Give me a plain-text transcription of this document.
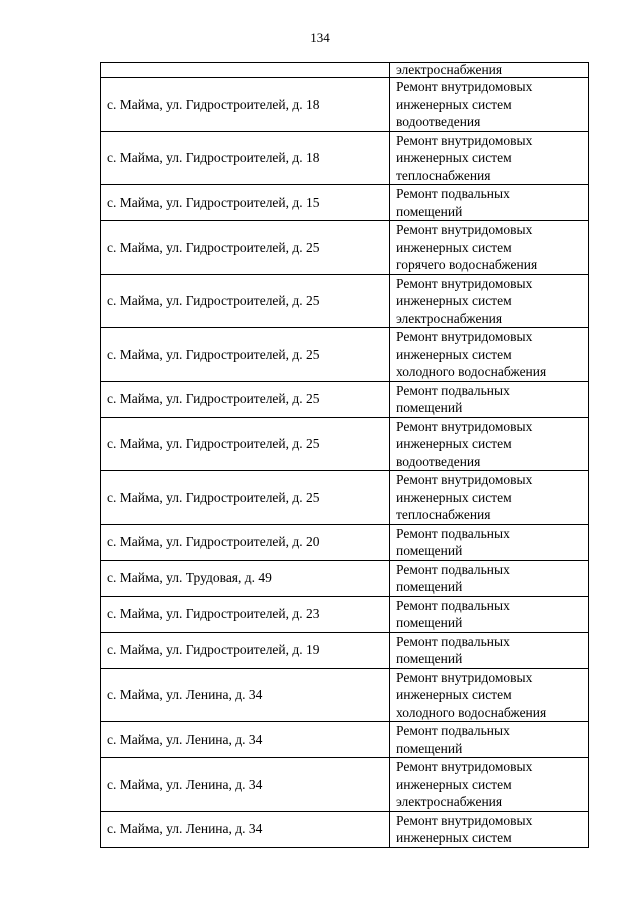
134
	электроснабжения
с. Майма, ул. Гидростроителей, д. 18	Ремонт внутридомовых
инженерных систем
водоотведения
с. Майма, ул. Гидростроителей, д. 18	Ремонт внутридомовых
инженерных систем
теплоснабжения
с. Майма, ул. Гидростроителей, д. 15	Ремонт подвальных
помещений
с. Майма, ул. Гидростроителей, д. 25	Ремонт внутридомовых
инженерных систем
горячего водоснабжения
с. Майма, ул. Гидростроителей, д. 25	Ремонт внутридомовых
инженерных систем
электроснабжения
с. Майма, ул. Гидростроителей, д. 25	Ремонт внутридомовых
инженерных систем
холодного водоснабжения
с. Майма, ул. Гидростроителей, д. 25	Ремонт подвальных
помещений
с. Майма, ул. Гидростроителей, д. 25	Ремонт внутридомовых
инженерных систем
водоотведения
с. Майма, ул. Гидростроителей, д. 25	Ремонт внутридомовых
инженерных систем
теплоснабжения
с. Майма, ул. Гидростроителей, д. 20	Ремонт подвальных
помещений
с. Майма, ул. Трудовая, д. 49	Ремонт подвальных
помещений
с. Майма, ул. Гидростроителей, д. 23	Ремонт подвальных
помещений
с. Майма, ул. Гидростроителей, д. 19	Ремонт подвальных
помещений
с. Майма, ул. Ленина, д. 34	Ремонт внутридомовых
инженерных систем
холодного водоснабжения
с. Майма, ул. Ленина, д. 34	Ремонт подвальных
помещений
с. Майма, ул. Ленина, д. 34	Ремонт внутридомовых
инженерных систем
электроснабжения
с. Майма, ул. Ленина, д. 34	Ремонт внутридомовых
инженерных систем
